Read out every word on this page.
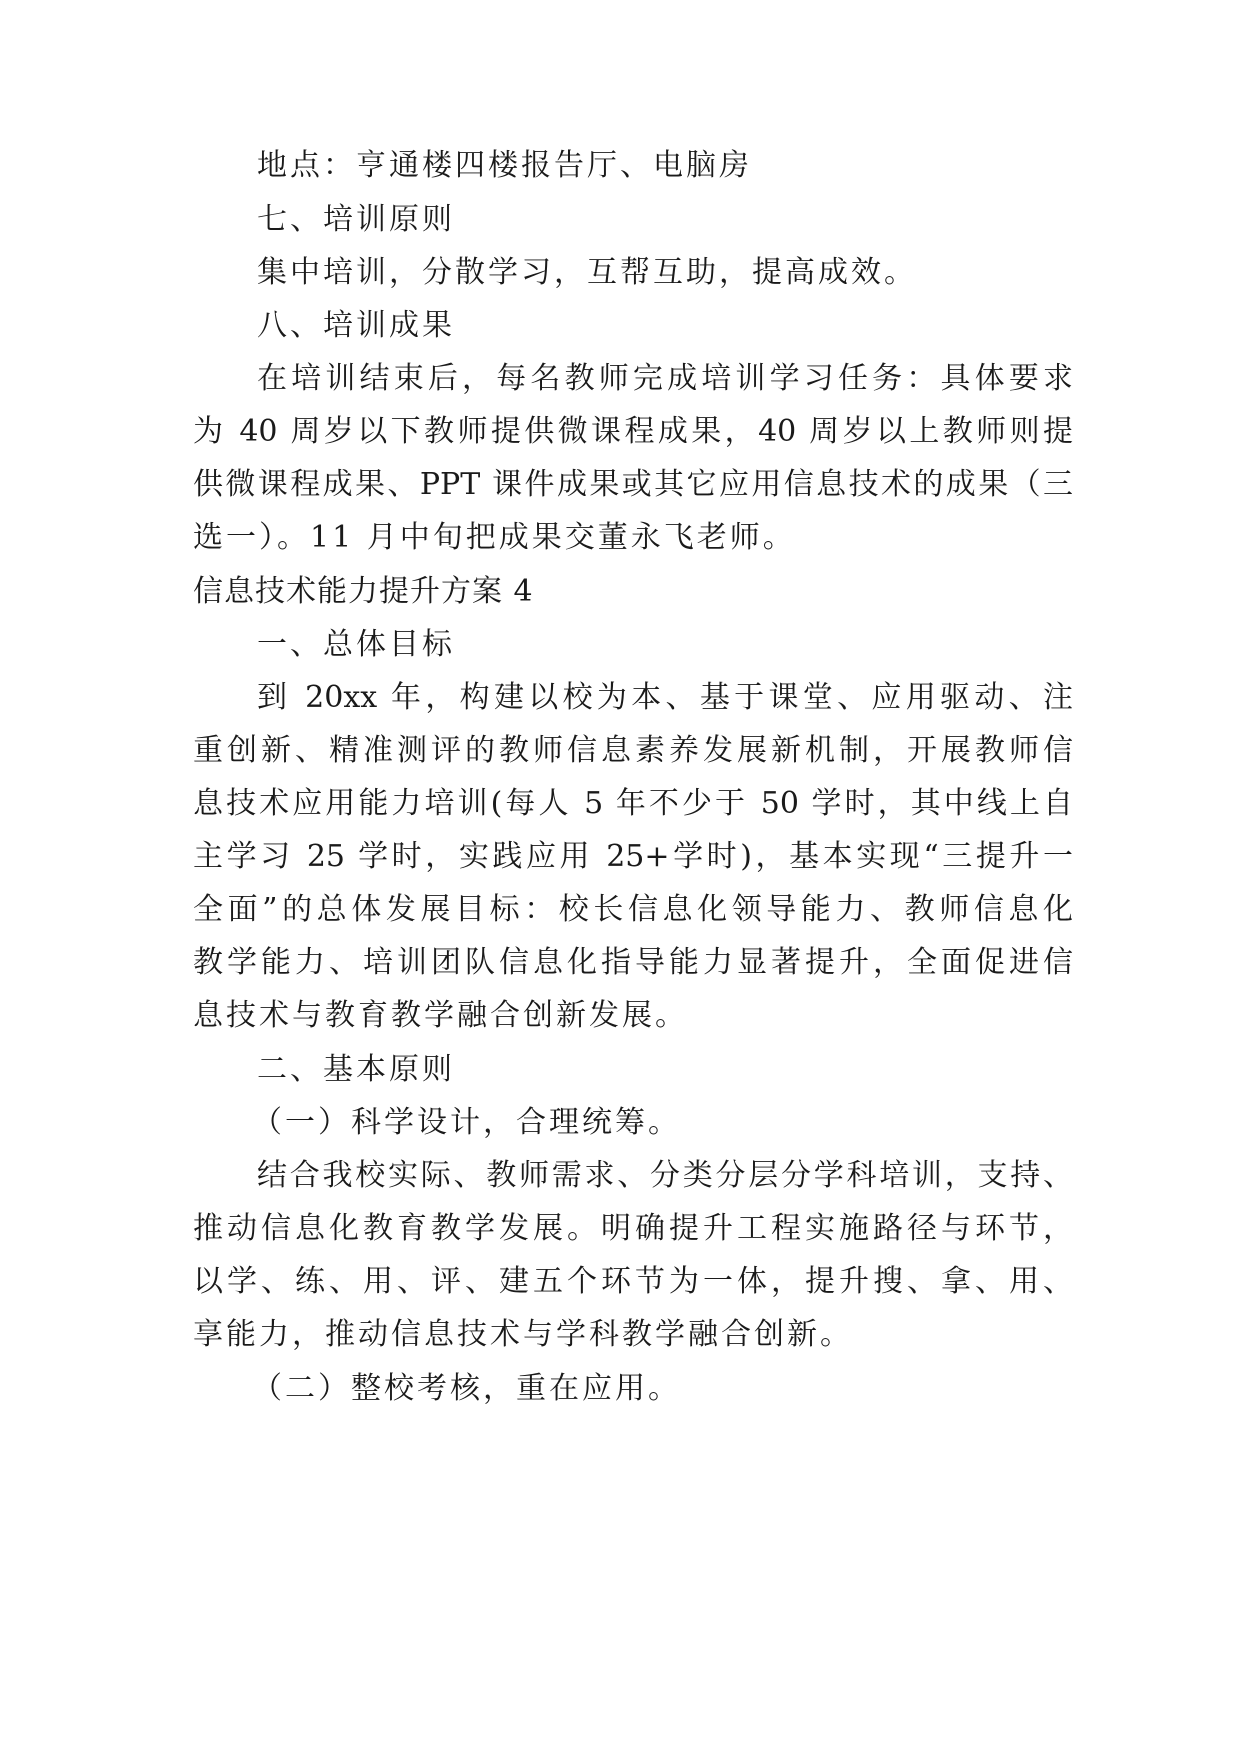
地点：亨通楼四楼报告厅、电脑房
七、培训原则
集中培训，分散学习，互帮互助，提高成效。
八、培训成果
在培训结束后，每名教师完成培训学习任务：具体要求
为 40 周岁以下教师提供微课程成果，40 周岁以上教师则提
供微课程成果、PPT 课件成果或其它应用信息技术的成果（三
选一）。11 月中旬把成果交董永飞老师。
信息技术能力提升方案 4
一、总体目标
到 20xx 年，构建以校为本、基于课堂、应用驱动、注
重创新、精准测评的教师信息素养发展新机制，开展教师信
息技术应用能力培训(每人 5 年不少于 50 学时，其中线上自
主学习 25 学时，实践应用 25+学时)，基本实现“三提升一
全面”的总体发展目标：校长信息化领导能力、教师信息化
教学能力、培训团队信息化指导能力显著提升，全面促进信
息技术与教育教学融合创新发展。
二、基本原则
（一）科学设计，合理统筹。
结合我校实际、教师需求、分类分层分学科培训，支持、
推动信息化教育教学发展。明确提升工程实施路径与环节，
以学、练、用、评、建五个环节为一体，提升搜、拿、用、
享能力，推动信息技术与学科教学融合创新。
（二）整校考核，重在应用。
